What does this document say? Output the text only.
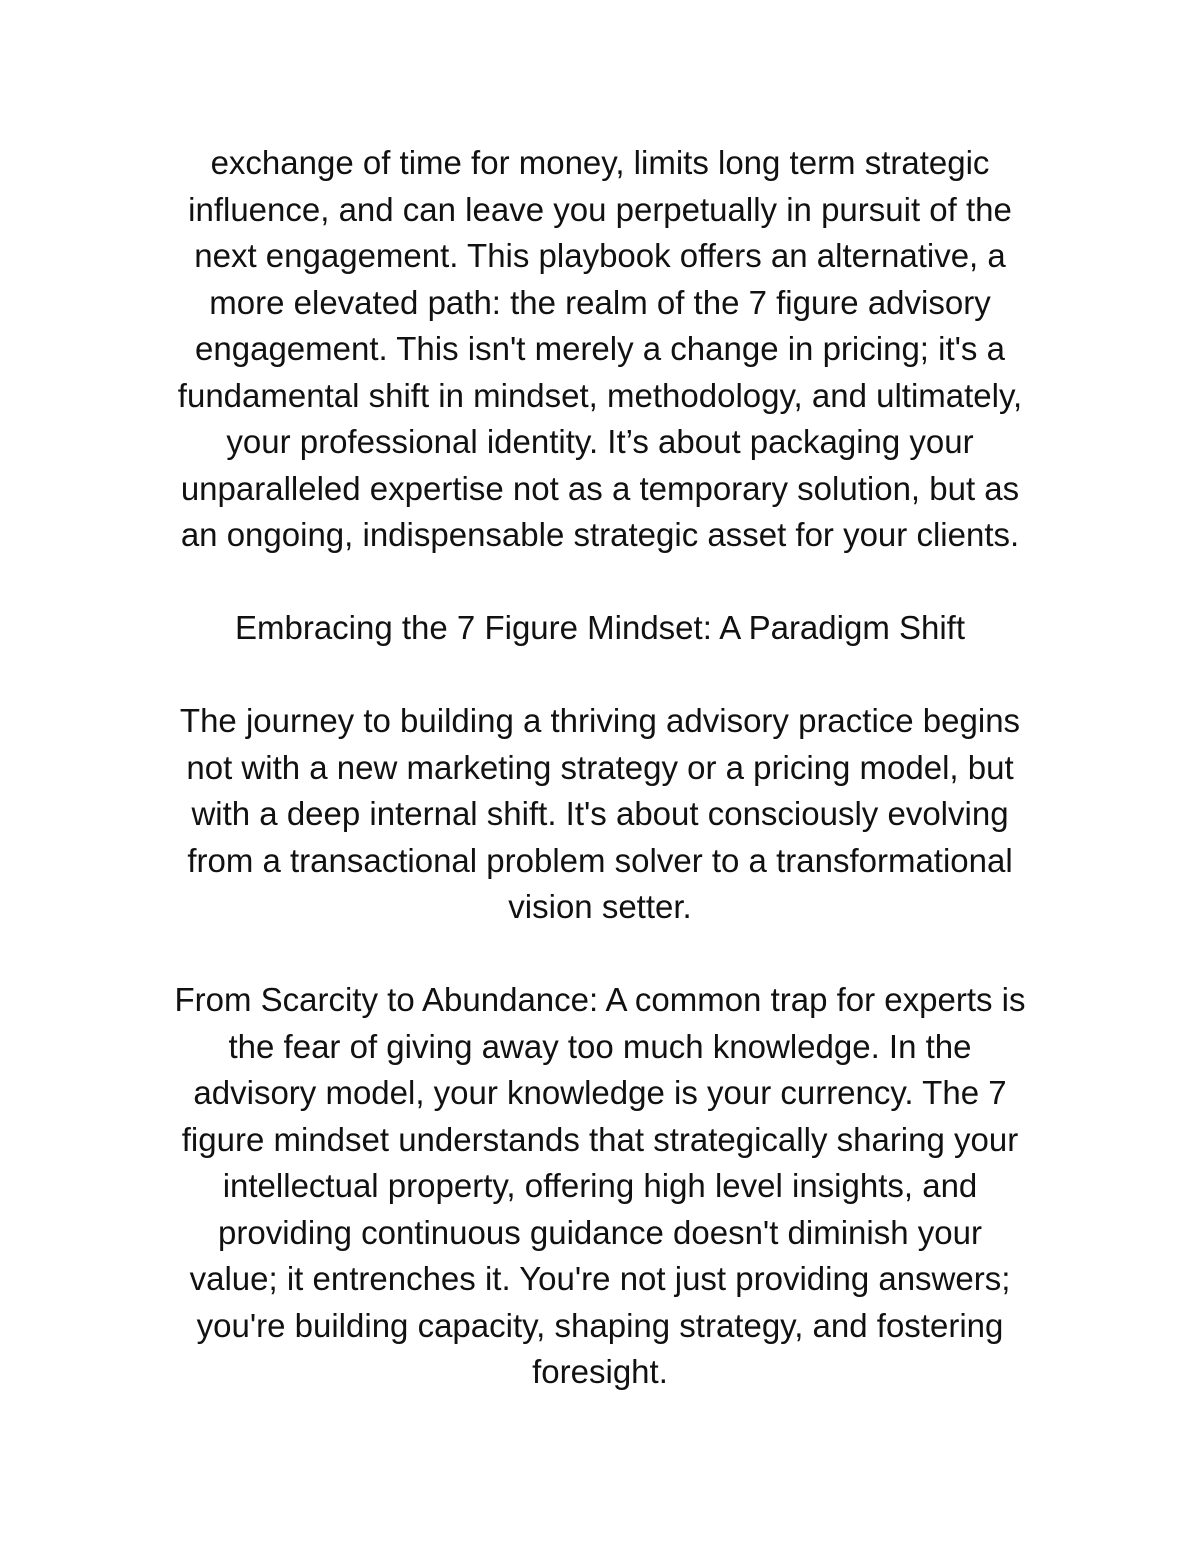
exchange of time for money, limits long term strategic
influence, and can leave you perpetually in pursuit of the
next engagement. This playbook offers an alternative, a
more elevated path: the realm of the 7 figure advisory
engagement. This isn't merely a change in pricing; it's a
fundamental shift in mindset, methodology, and ultimately,
your professional identity. It’s about packaging your
unparalleled expertise not as a temporary solution, but as
an ongoing, indispensable strategic asset for your clients.
Embracing the 7 Figure Mindset: A Paradigm Shift
The journey to building a thriving advisory practice begins
not with a new marketing strategy or a pricing model, but
with a deep internal shift. It's about consciously evolving
from a transactional problem solver to a transformational
vision setter.
From Scarcity to Abundance: A common trap for experts is
the fear of giving away too much knowledge. In the
advisory model, your knowledge is your currency. The 7
figure mindset understands that strategically sharing your
intellectual property, offering high level insights, and
providing continuous guidance doesn't diminish your
value; it entrenches it. You're not just providing answers;
you're building capacity, shaping strategy, and fostering
foresight.
